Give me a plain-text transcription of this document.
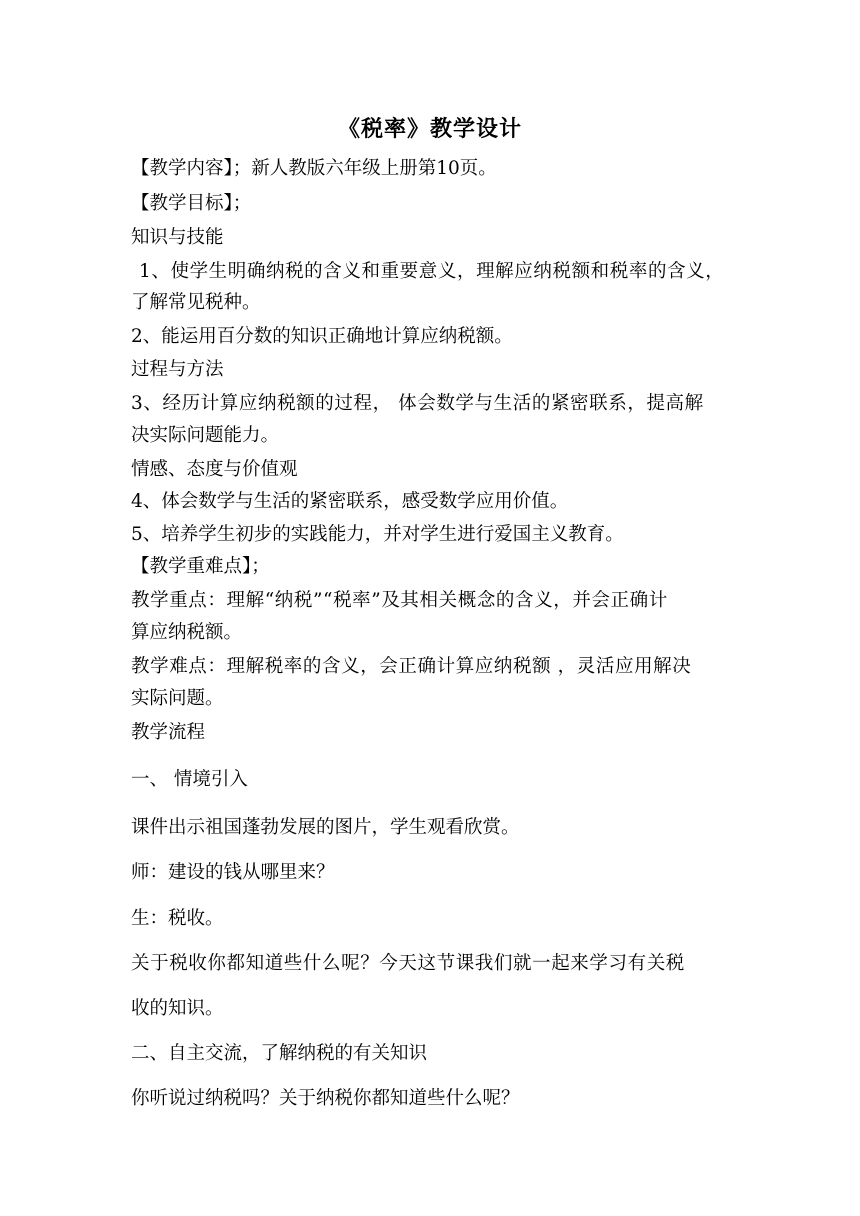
《税率》教学设计
【教学内容】；新人教版六年级上册第10页。
【教学目标】；
知识与技能
1、使学生明确纳税的含义和重要意义，理解应纳税额和税率的含义，
了解常见税种。
2、能运用百分数的知识正确地计算应纳税额。
过程与方法
3、经历计算应纳税额的过程， 体会数学与生活的紧密联系，提高解
决实际问题能力。
情感、态度与价值观
4、体会数学与生活的紧密联系，感受数学应用价值。
5、培养学生初步的实践能力，并对学生进行爱国主义教育。
【教学重难点】；
教学重点：理解“纳税”“税率”及其相关概念的含义，并会正确计
算应纳税额。
教学难点：理解税率的含义，会正确计算应纳税额 ，灵活应用解决
实际问题。
教学流程
一、 情境引入
课件出示祖国蓬勃发展的图片，学生观看欣赏。
师：建设的钱从哪里来？
生：税收。
关于税收你都知道些什么呢？今天这节课我们就一起来学习有关税
收的知识。
二、自主交流，了解纳税的有关知识
你听说过纳税吗？关于纳税你都知道些什么呢？
